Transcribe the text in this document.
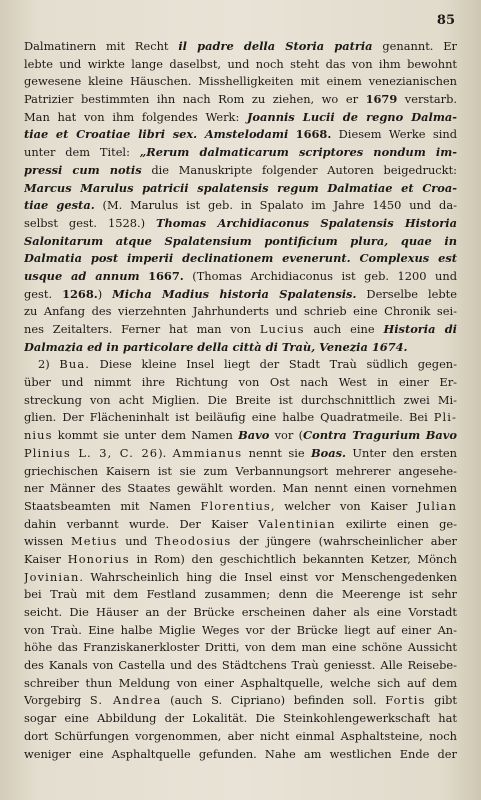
85
Dalmatinern mit Recht il padre della Storia patria genannt. Er
lebte und wirkte lange daselbst, und noch steht das von ihm bewohnt
gewesene kleine Häuschen. Misshelligkeiten mit einem venezianischen
Patrizier bestimmten ihn nach Rom zu ziehen, wo er 1679 verstarb.
Man hat von ihm folgendes Werk: Joannis Lucii de regno Dalma-
tiae et Croatiae libri sex. Amstelodami 1668. Diesem Werke sind
unter dem Titel: „Rerum dalmaticarum scriptores nondum im-
pressi cum notis die Manuskripte folgender Autoren beigedruckt:
Marcus Marulus patricii spalatensis regum Dalmatiae et Croa-
tiae gesta. (M. Marulus ist geb. in Spalato im Jahre 1450 und da-
selbst gest. 1528.) Thomas Archidiaconus Spalatensis Historia
Salonitarum atque Spalatensium pontificium plura, quae in
Dalmatia post imperii declinationem evenerunt. Complexus est
usque ad annum 1667. (Thomas Archidiaconus ist geb. 1200 und
gest. 1268.) Micha Madius historia Spalatensis. Derselbe lebte
zu Anfang des vierzehnten Jahrhunderts und schrieb eine Chronik sei-
nes Zeitalters. Ferner hat man von Lucius auch eine Historia di
Dalmazia ed in particolare della città di Traù, Venezia 1674.
2) Bua. Diese kleine Insel liegt der Stadt Traù südlich gegen-
über und nimmt ihre Richtung von Ost nach West in einer Er-
streckung von acht Miglien. Die Breite ist durchschnittlich zwei Mi-
glien. Der Flächeninhalt ist beiläufig eine halbe Quadratmeile. Bei Pli-
nius kommt sie unter dem Namen Bavo vor (Contra Tragurium Bavo
Plinius L. 3, C. 26). Ammianus nennt sie Boas. Unter den ersten
griechischen Kaisern ist sie zum Verbannungsort mehrerer angesehe-
ner Männer des Staates gewählt worden. Man nennt einen vornehmen
Staatsbeamten mit Namen Florentius, welcher von Kaiser Julian
dahin verbannt wurde. Der Kaiser Valentinian exilirte einen ge-
wissen Metius und Theodosius der jüngere (wahrscheinlicher aber
Kaiser Honorius in Rom) den geschichtlich bekannten Ketzer, Mönch
Jovinian. Wahrscheinlich hing die Insel einst vor Menschengedenken
bei Traù mit dem Festland zusammen; denn die Meerenge ist sehr
seicht. Die Häuser an der Brücke erscheinen daher als eine Vorstadt
von Traù. Eine halbe Miglie Weges vor der Brücke liegt auf einer An-
höhe das Franziskanerkloster Dritti, von dem man eine schöne Aussicht
des Kanals von Castella und des Städtchens Traù geniesst. Alle Reisebe-
schreiber thun Meldung von einer Asphaltquelle, welche sich auf dem
Vorgebirg S. Andrea (auch S. Cipriano) befinden soll. Fortis gibt
sogar eine Abbildung der Lokalität. Die Steinkohlengewerkschaft hat
dort Schürfungen vorgenommen, aber nicht einmal Asphaltsteine, noch
weniger eine Asphaltquelle gefunden. Nahe am westlichen Ende der
